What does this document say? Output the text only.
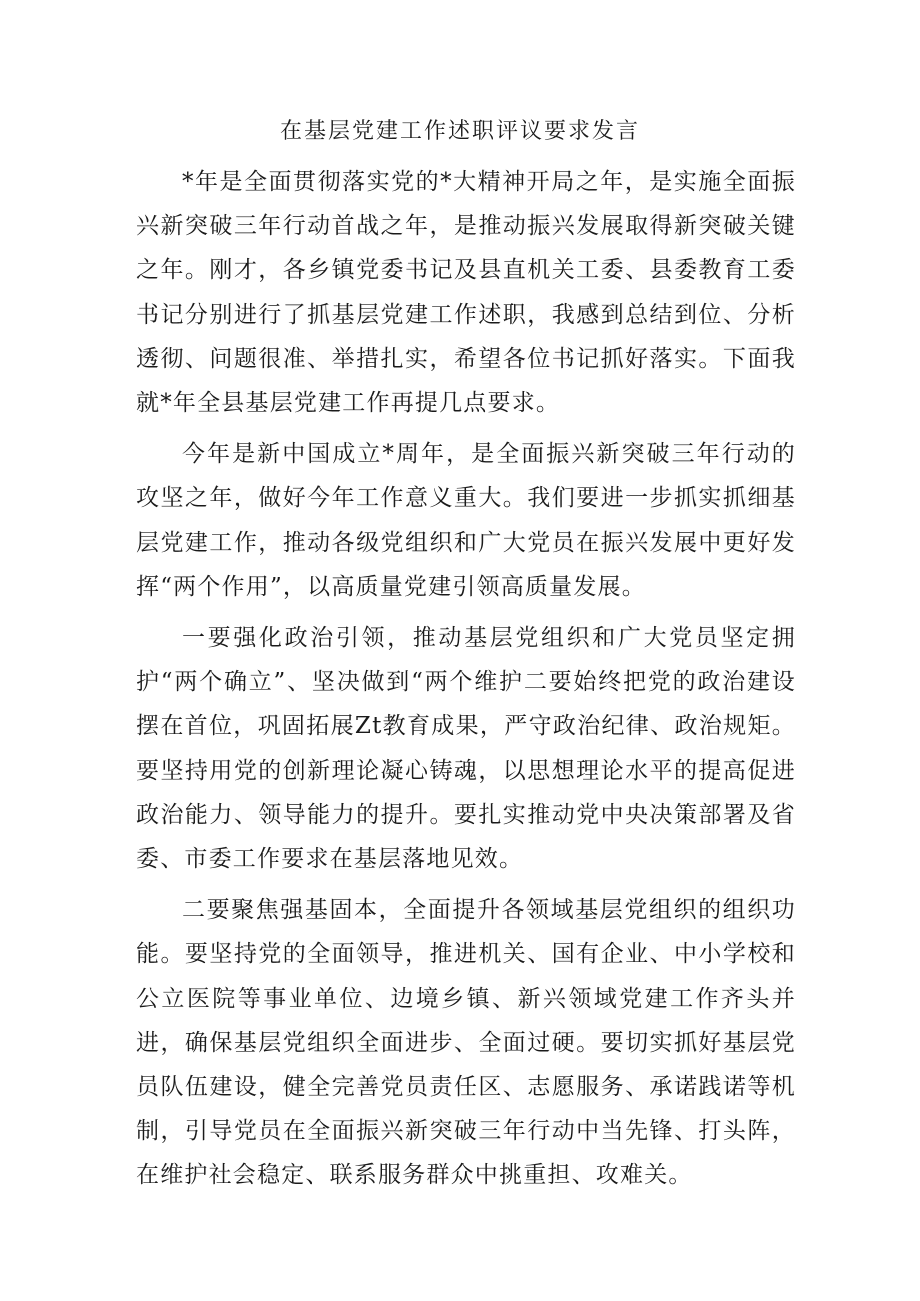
在基层党建工作述职评议要求发言

*年是全面贯彻落实党的*大精神开局之年，是实施全面振兴新突破三年行动首战之年，是推动振兴发展取得新突破关键之年。刚才，各乡镇党委书记及县直机关工委、县委教育工委书记分别进行了抓基层党建工作述职，我感到总结到位、分析透彻、问题很准、举措扎实，希望各位书记抓好落实。下面我就*年全县基层党建工作再提几点要求。

今年是新中国成立*周年，是全面振兴新突破三年行动的攻坚之年，做好今年工作意义重大。我们要进一步抓实抓细基层党建工作，推动各级党组织和广大党员在振兴发展中更好发挥“两个作用”，以高质量党建引领高质量发展。

一要强化政治引领，推动基层党组织和广大党员坚定拥护“两个确立”、坚决做到“两个维护二要始终把党的政治建设摆在首位，巩固拓展Zt教育成果，严守政治纪律、政治规矩。要坚持用党的创新理论凝心铸魂，以思想理论水平的提高促进政治能力、领导能力的提升。要扎实推动党中央决策部署及省委、市委工作要求在基层落地见效。

二要聚焦强基固本，全面提升各领域基层党组织的组织功能。要坚持党的全面领导，推进机关、国有企业、中小学校和公立医院等事业单位、边境乡镇、新兴领域党建工作齐头并进，确保基层党组织全面进步、全面过硬。要切实抓好基层党员队伍建设，健全完善党员责任区、志愿服务、承诺践诺等机制，引导党员在全面振兴新突破三年行动中当先锋、打头阵，在维护社会稳定、联系服务群众中挑重担、攻难关。
